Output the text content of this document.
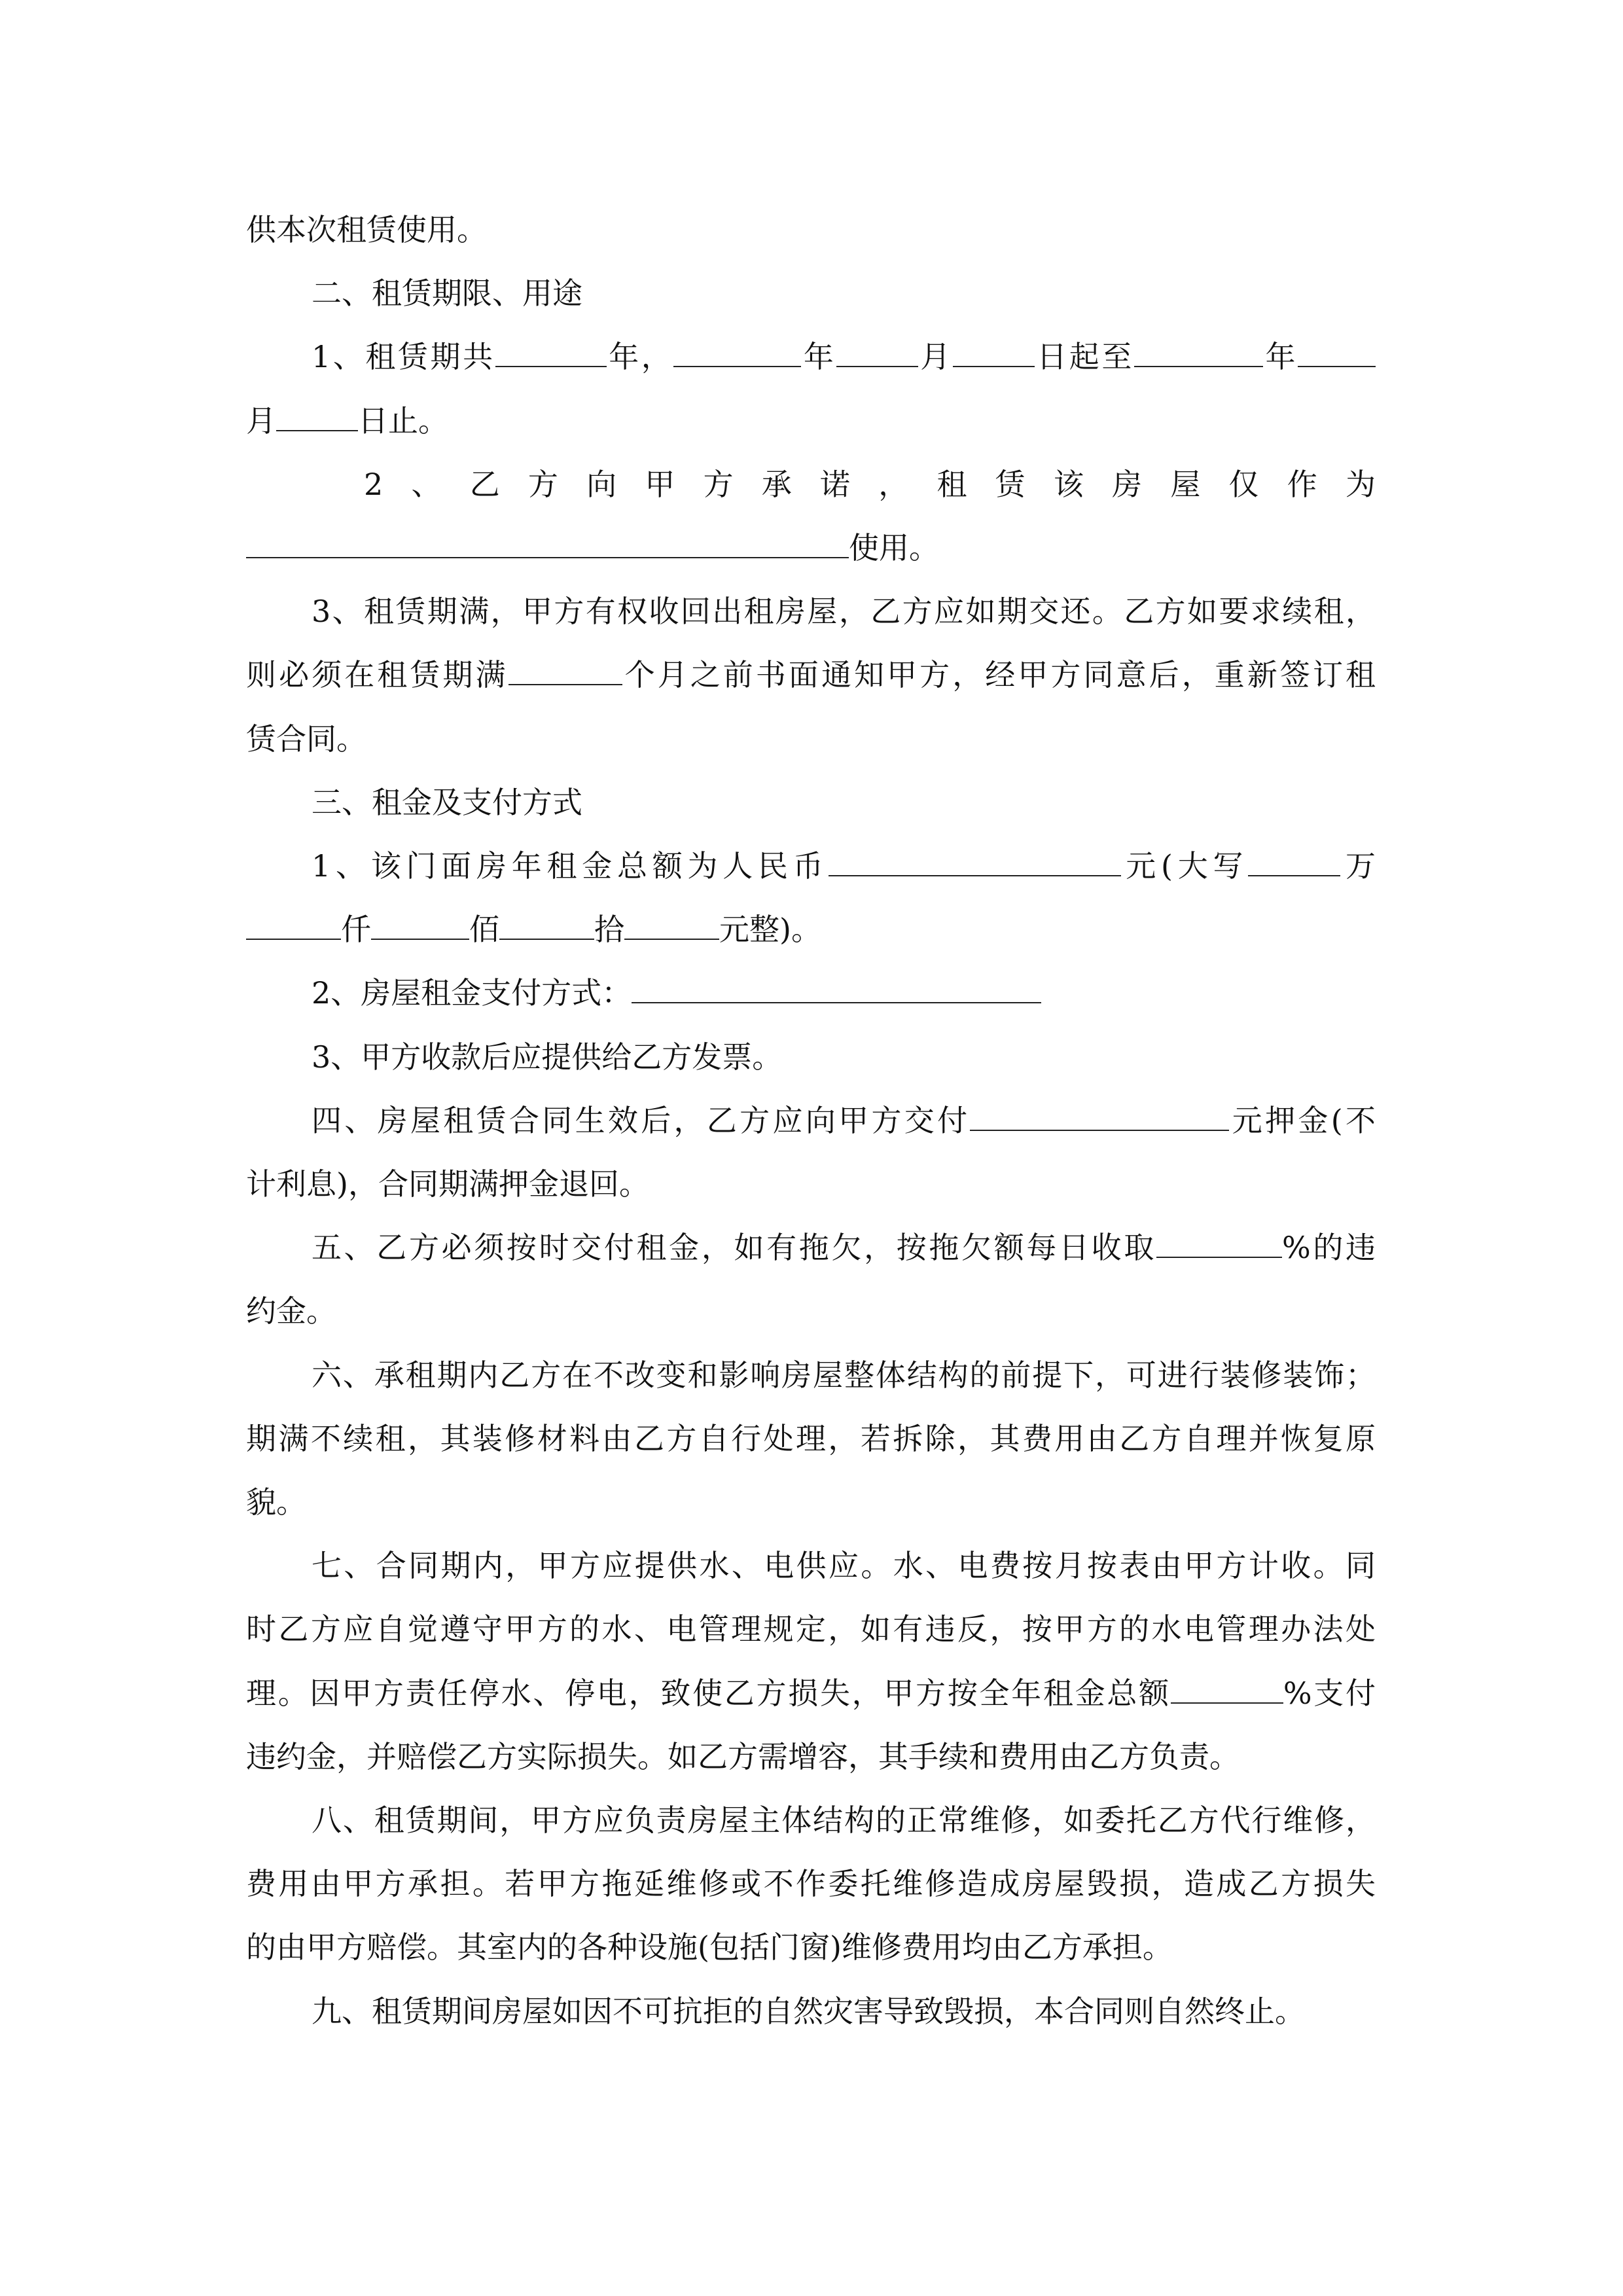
供本次租赁使用。
二、租赁期限、用途
1、租赁期共	年，	年	月	日起至	年
月	日止。
2、乙方向甲方承诺，租赁该房屋仅作为
使用。
3、租赁期满，甲方有权收回出租房屋，乙方应如期交还。乙方如要求续租，
则必须在租赁期满	个月之前书面通知甲方，经甲方同意后，重新签订租
赁合同。
三、租金及支付方式
1、该门面房年租金总额为人民币	元(大写	万
仟	佰	拾	元整)。
2、房屋租金支付方式：
3、甲方收款后应提供给乙方发票。
四、房屋租赁合同生效后，乙方应向甲方交付	元押金(不
计利息)，合同期满押金退回。
五、乙方必须按时交付租金，如有拖欠，按拖欠额每日收取	%的违
约金。
六、承租期内乙方在不改变和影响房屋整体结构的前提下，可进行装修装饰；
期满不续租，其装修材料由乙方自行处理，若拆除，其费用由乙方自理并恢复原
貌。
七、合同期内，甲方应提供水、电供应。水、电费按月按表由甲方计收。同
时乙方应自觉遵守甲方的水、电管理规定，如有违反，按甲方的水电管理办法处
理。因甲方责任停水、停电，致使乙方损失，甲方按全年租金总额	%支付
违约金，并赔偿乙方实际损失。如乙方需增容，其手续和费用由乙方负责。
八、租赁期间，甲方应负责房屋主体结构的正常维修，如委托乙方代行维修，
费用由甲方承担。若甲方拖延维修或不作委托维修造成房屋毁损，造成乙方损失
的由甲方赔偿。其室内的各种设施(包括门窗)维修费用均由乙方承担。
九、租赁期间房屋如因不可抗拒的自然灾害导致毁损，本合同则自然终止。
